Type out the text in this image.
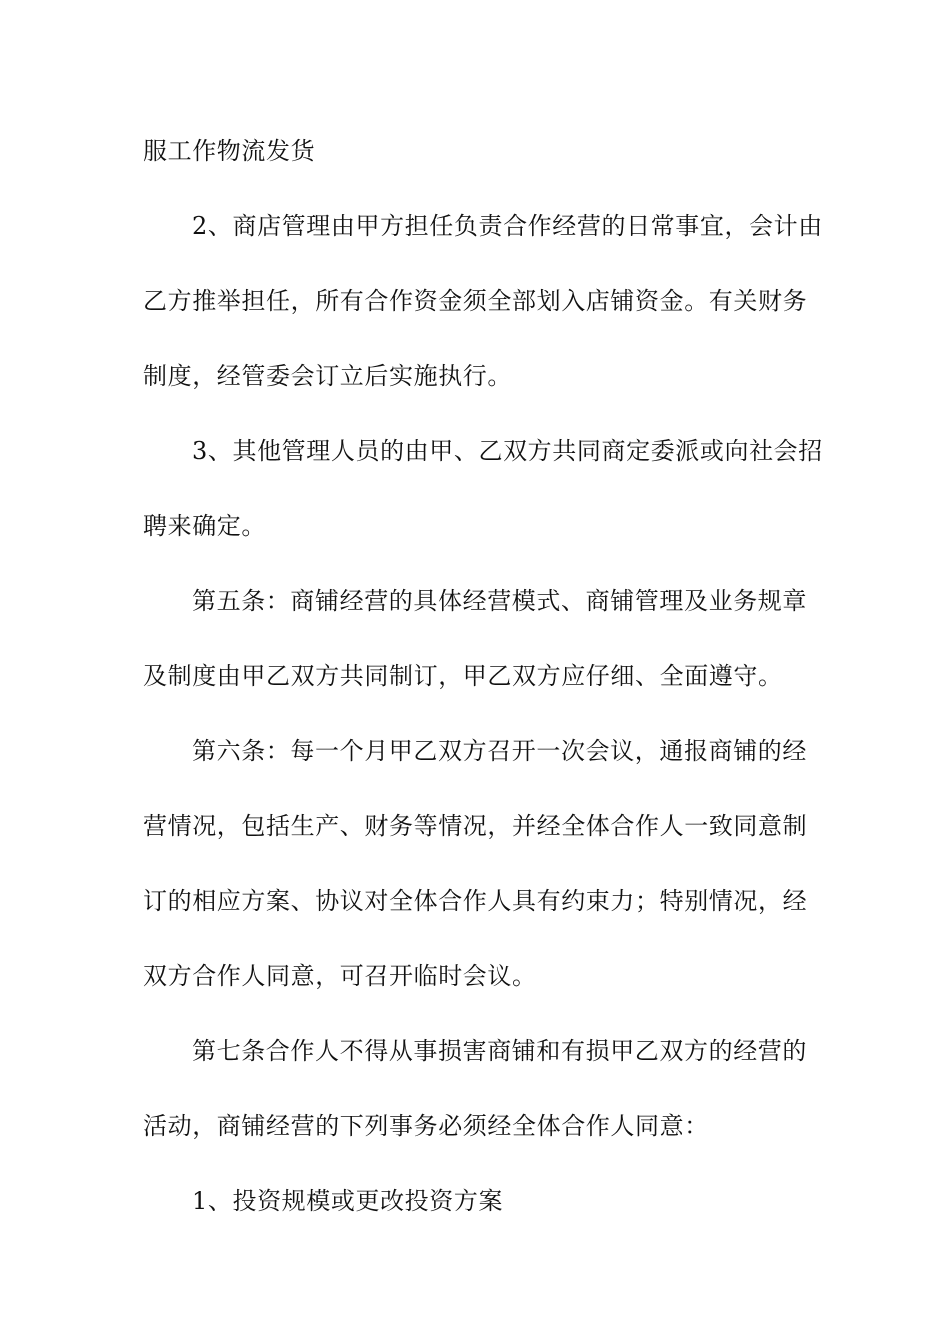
服工作物流发货
2、商店管理由甲方担任负责合作经营的日常事宜，会计由
乙方推举担任，所有合作资金须全部划入店铺资金。有关财务
制度，经管委会订立后实施执行。
3、其他管理人员的由甲、乙双方共同商定委派或向社会招
聘来确定。
第五条：商铺经营的具体经营模式、商铺管理及业务规章
及制度由甲乙双方共同制订，甲乙双方应仔细、全面遵守。
第六条：每一个月甲乙双方召开一次会议，通报商铺的经
营情况，包括生产、财务等情况，并经全体合作人一致同意制
订的相应方案、协议对全体合作人具有约束力；特别情况，经
双方合作人同意，可召开临时会议。
第七条合作人不得从事损害商铺和有损甲乙双方的经营的
活动，商铺经营的下列事务必须经全体合作人同意：
1、投资规模或更改投资方案
